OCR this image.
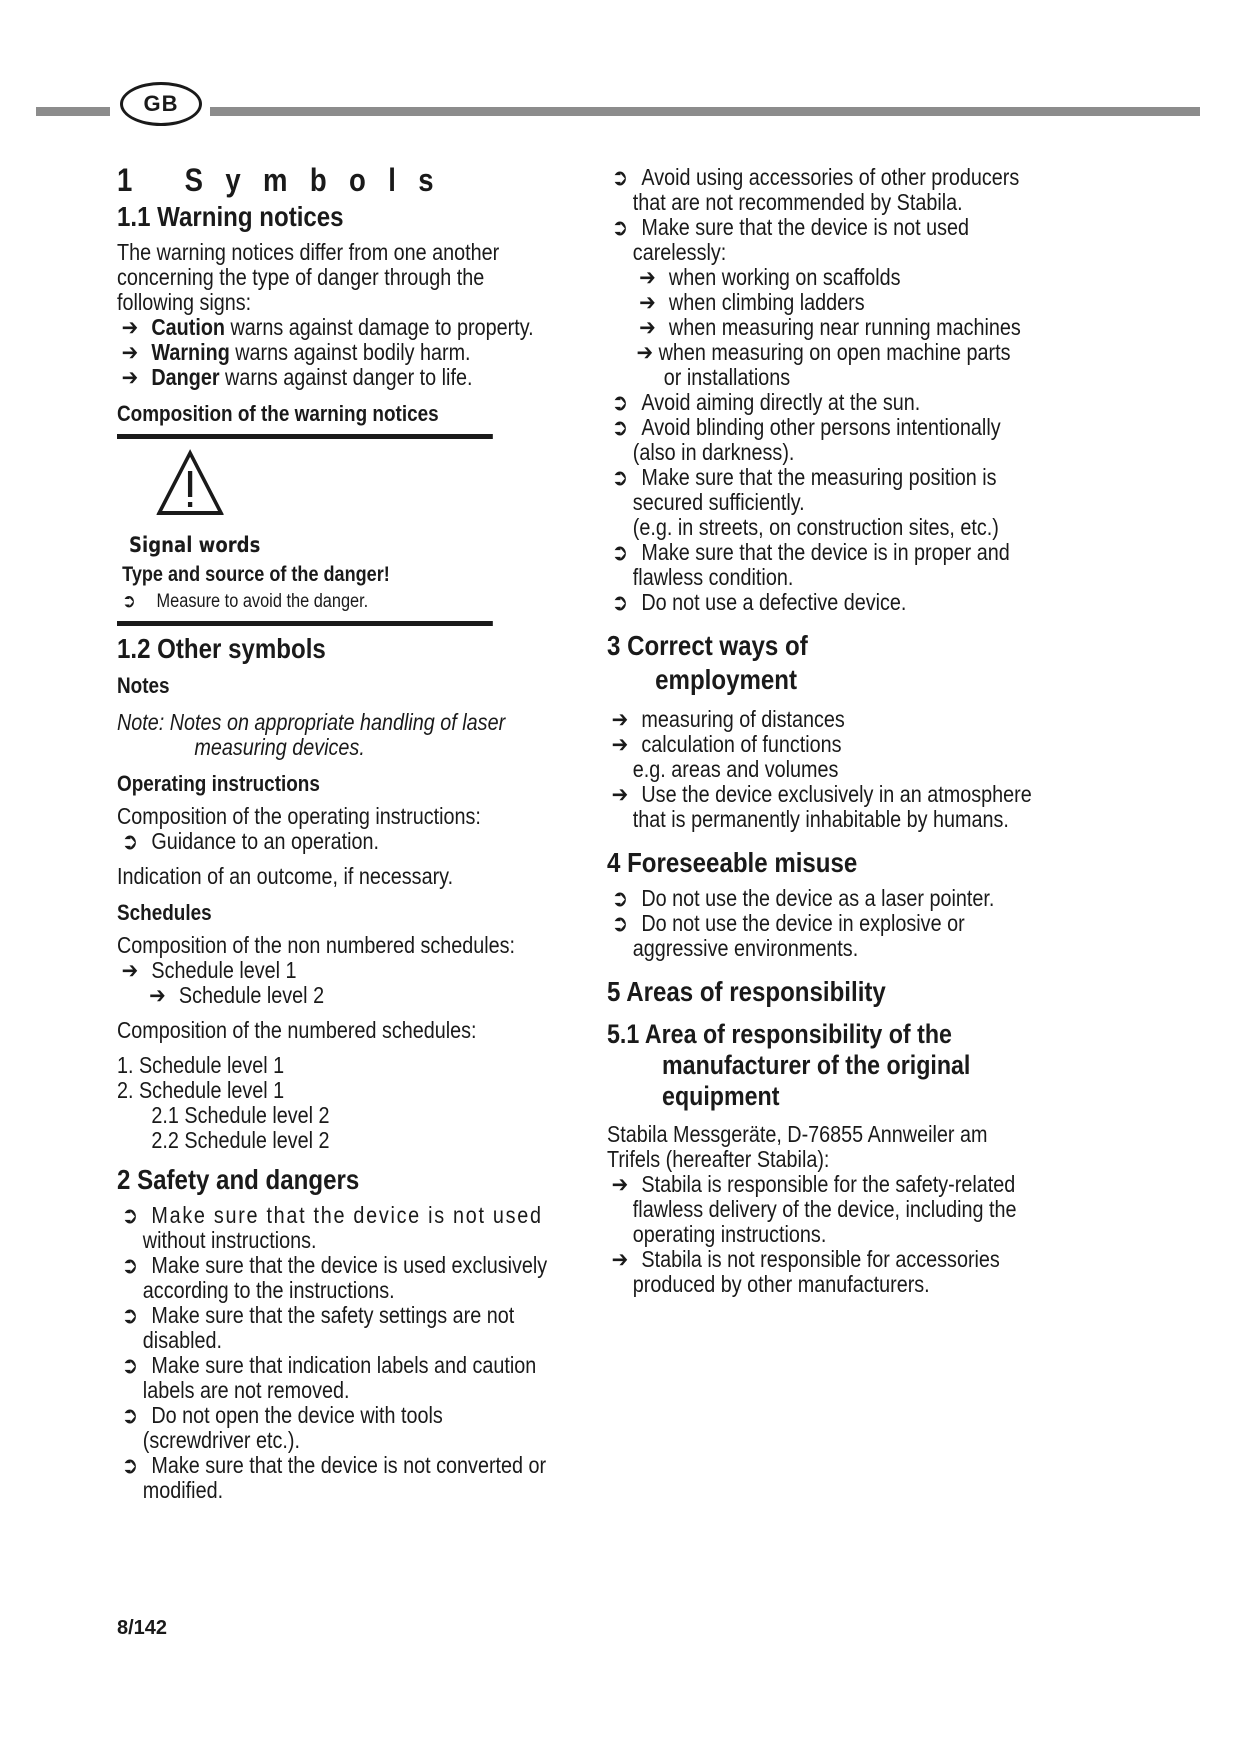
GB
1 Symbols
1.1 Warning notices

The warning notices differ from one another

concerning the type of danger through the

following signs:

➔ Caution warns against damage to property.
➔ Warning warns against bodily harm.
➔ Danger warns against danger to life.
Composition of the warning notices
Signal words
Type and source of the danger!
➲ Measure to avoid the danger.
1.2 Other symbols
Notes

Note: Notes on appropriate handling of laser

measuring devices.

Operating instructions

Composition of the operating instructions:

➲ Guidance to an operation.

Indication of an outcome, if necessary.

Schedules

Composition of the non numbered schedules:

➔ Schedule level 1
➔ Schedule level 2

Composition of the numbered schedules:

1. Schedule level 1

2. Schedule level 1

2.1 Schedule level 2

2.2 Schedule level 2

2 Safety and dangers
➲ Make sure that the device is not used

without instructions.

➲ Make sure that the device is used exclusively

according to the instructions.

➲ Make sure that the safety settings are not

disabled.

➲ Make sure that indication labels and caution

labels are not removed.

➲ Do not open the device with tools

(screwdriver etc.).

➲ Make sure that the device is not converted or

modified.

➲ Avoid using accessories of other producers

that are not recommended by Stabila.

➲ Make sure that the device is not used

carelessly:

➔ when working on scaffolds
➔ when climbing ladders
➔ when measuring near running machines
➔ when measuring on open machine parts

or installations

➲ Avoid aiming directly at the sun.
➲ Avoid blinding other persons intentionally

(also in darkness).

➲ Make sure that the measuring position is

secured sufficiently.

(e.g. in streets, on construction sites, etc.)

➲ Make sure that the device is in proper and

flawless condition.

➲ Do not use a defective device.
3 Correct ways of
employment
➔ measuring of distances
➔ calculation of functions

e.g. areas and volumes

➔ Use the device exclusively in an atmosphere

that is permanently inhabitable by humans.

4 Foreseeable misuse
➲ Do not use the device as a laser pointer.
➲ Do not use the device in explosive or

aggressive environments.

5 Areas of responsibility
5.1 Area of responsibility of the
manufacturer of the original
equipment

Stabila Messgeräte, D-76855 Annweiler am

Trifels (hereafter Stabila):

➔ Stabila is responsible for the safety-related

flawless delivery of the device, including the

operating instructions.

➔ Stabila is not responsible for accessories

produced by other manufacturers.

8/142
